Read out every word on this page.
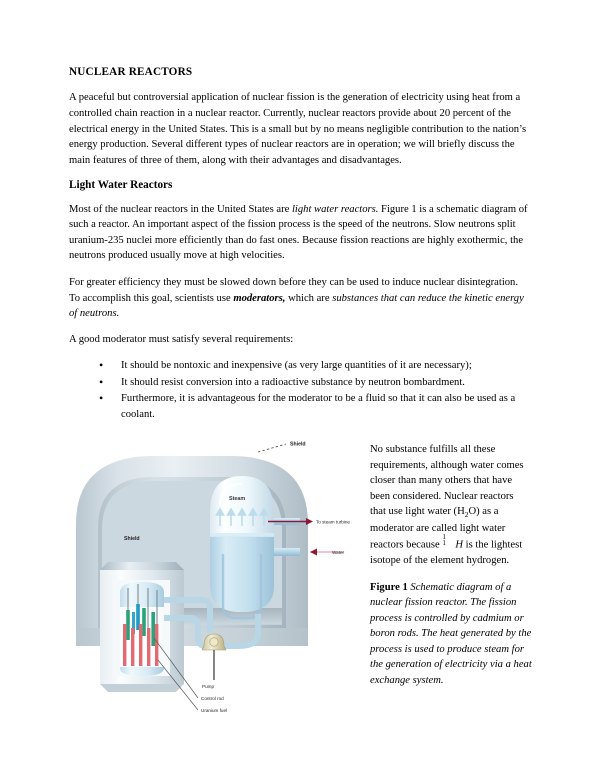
NUCLEAR REACTORS

A peaceful but controversial application of nuclear fission is the generation of electricity using heat from a controlled chain reaction in a nuclear reactor. Currently, nuclear reactors provide about 20 percent of the electrical energy in the United States. This is a small but by no means negligible contribution to the nation’s energy production. Several different types of nuclear reactors are in operation; we will briefly discuss the main features of three of them, along with their advantages and disadvantages.

Light Water Reactors

Most of the nuclear reactors in the United States are light water reactors. Figure 1 is a schematic diagram of such a reactor. An important aspect of the fission process is the speed of the neutrons. Slow neutrons split uranium-235 nuclei more efficiently than do fast ones. Because fission reactions are highly exothermic, the neutrons produced usually move at high velocities.

For greater efficiency they must be slowed down before they can be used to induce nuclear disintegration. To accomplish this goal, scientists use moderators, which are substances that can reduce the kinetic energy of neutrons.

A good moderator must satisfy several requirements:

• It should be nontoxic and inexpensive (as very large quantities of it are necessary);
• It should resist conversion into a radioactive substance by neutron bombardment.
• Furthermore, it is advantageous for the moderator to be a fluid so that it can also be used as a coolant.

No substance fulfills all these requirements, although water comes closer than many others that have been considered. Nuclear reactors that use light water $(H_2O)$ as a moderator are called light water reactors because
1
1 H is the lightest isotope of the element hydrogen.

Figure 1 Schematic diagram of a nuclear fission reactor. The fission process is controlled by cadmium or boron rods. The heat generated by the process is used to produce steam for the generation of electricity via a heat exchange system.

Shield
Steam
To steam turbine
Water
Shield
Pump
Control rod
Uranium fuel
